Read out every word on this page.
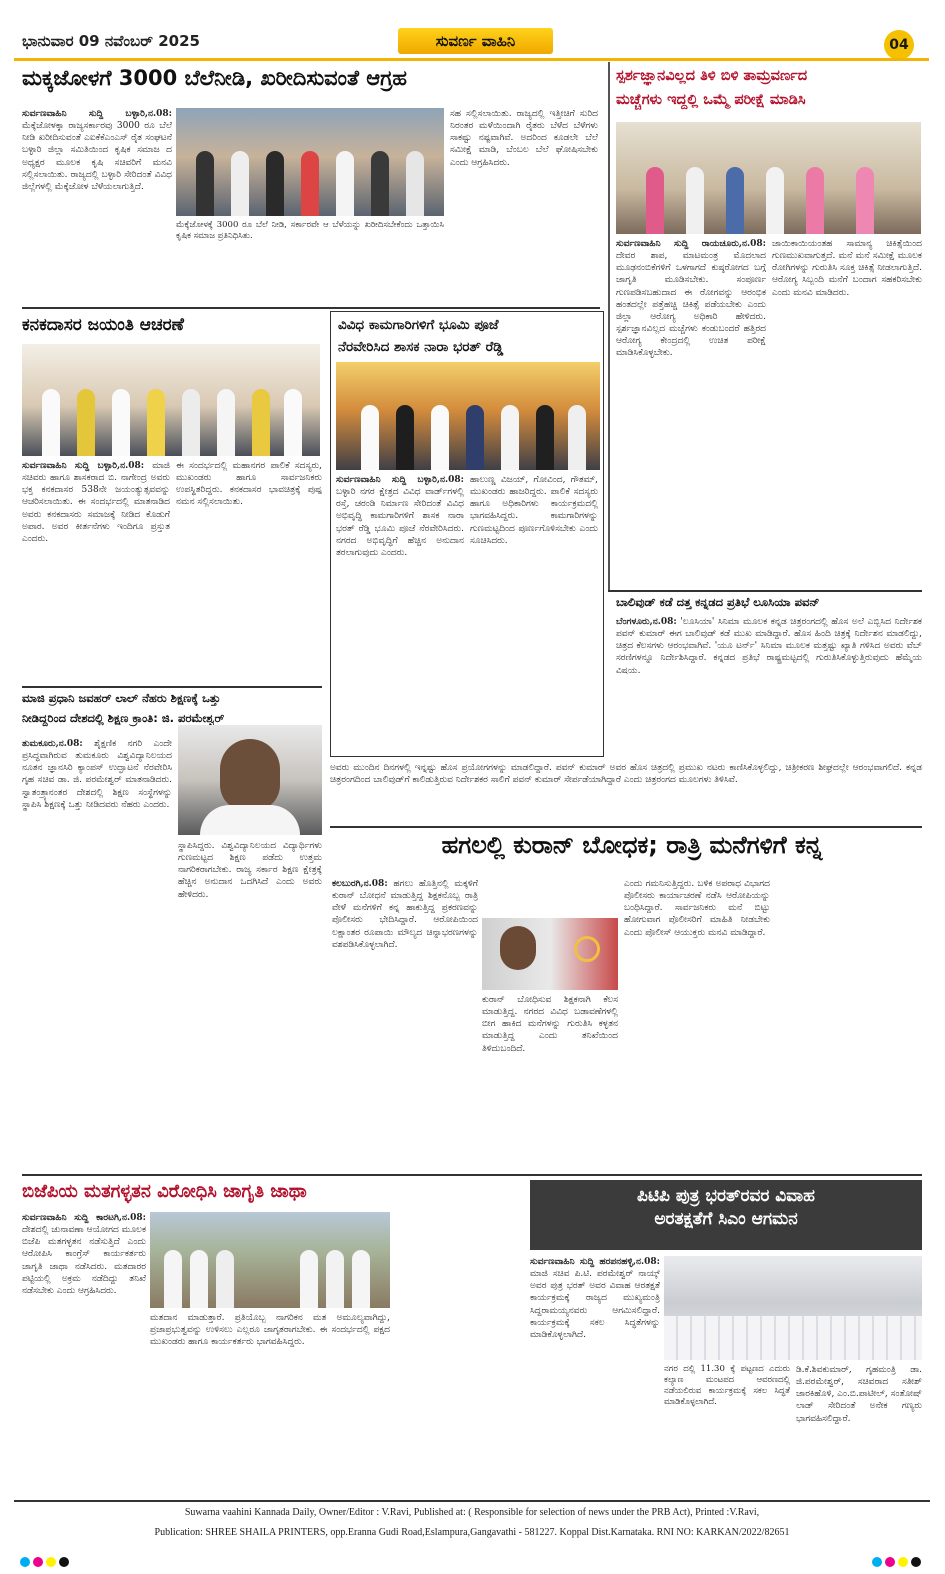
ಭಾನುವಾರ 09 ನವೆಂಬರ್ 2025	ಸುವರ್ಣ ವಾಹಿನಿ	04
ಮಕ್ಕಜೋಳಗೆ 3000 ಬೆಲೆನೀಡಿ, ಖರೀದಿಸುವಂತೆ ಆಗ್ರಹ
ಸುರ್ವಣವಾಹಿನಿ ಸುದ್ದಿ ಬಳ್ಳಾರಿ,ನ.08: ಮೆಕ್ಕೆಜೋಳಕ್ಕಾ ರಾಜ್ಯಸರ್ಕಾರವು 3000 ರೂ ಬೆಲೆ ನೀಡಿ ಖರೀದಿಸುವಂತೆ ಎಐಕೆಕೆಎಂಎಸ್ ರೈತ ಸಂಘಟನೆ ಬಳ್ಳಾರಿ ಜಿಲ್ಲಾ ಸಮಿತಿಯಿಂದ ಕೃಷಿಕ ಸಮಾಜ ದ ಅಧ್ಯಕ್ಷರ ಮೂಲಕ ಕೃಷಿ ಸಚಿವರಿಗೆ ಮನವಿ ಸಲ್ಲಿಸಲಾಯಿತು. ರಾಜ್ಯದಲ್ಲಿ ಬಳ್ಳಾರಿ ಸೇರಿದಂತೆ ವಿವಿಧ ಜಿಲ್ಲೆಗಳಲ್ಲಿ ಮೆಕ್ಕೆಜೋಳ ಬೆಳೆಯಲಾಗುತ್ತಿದೆ.
ಮೆಕ್ಕೆಜೋಳಕ್ಕೆ 3000 ರೂ ಬೆಲೆ ನೀಡಿ, ಸರ್ಕಾರವೇ ಆ ಬೆಳೆಯನ್ನು ಖರೀದಿಸಬೇಕೆಂದು ಒತ್ತಾಯಿಸಿ ಕೃಷಿಕ ಸಮಾಜ ಪ್ರತಿನಿಧಿಸಿತು.
ಸಹ ಸಲ್ಲಿಸಲಾಯಿತು. ರಾಜ್ಯದಲ್ಲಿ ಇತ್ತೀಚಿಗೆ ಸುರಿದ ನಿರಂತರ ಮಳೆಯಿಂದಾಗಿ ರೈತರು ಬೆಳೆದ ಬೆಳೆಗಳು ಸಾಕಷ್ಟು ನಷ್ಟವಾಗಿವೆ. ಅದರಿಂದ ಕೂಡಲೇ ಬೆಲೆ ಸಮೀಕ್ಷೆ ಮಾಡಿ, ಬೆಂಬಲ ಬೆಲೆ ಘೋಷಿಸಬೇಕು ಎಂದು ಆಗ್ರಹಿಸಿದರು.
ಸ್ಪರ್ಶಜ್ಞಾನವಿಲ್ಲದ ತಿಳಿ ಬಿಳಿ ತಾಮ್ರವರ್ಣದ
ಮಚ್ಚೆಗಳು ಇದ್ದಲ್ಲಿ ಒಮ್ಮೆ ಪರೀಕ್ಷೆ ಮಾಡಿಸಿ
ಸುರ್ವಣವಾಹಿನಿ ಸುದ್ದಿ ರಾಯಚೂರು,ನ.08: ದೇವರ ಶಾಪ, ಮಾಟಮಂತ್ರ ಮೊದಲಾದ ಮೂಢನಂಬಿಕೆಗಳಿಗೆ ಒಳಗಾಗದೆ ಕುಷ್ಠರೋಗದ ಬಗ್ಗೆ ಜಾಗೃತಿ ಮೂಡಿಸಬೇಕು. ಸಂಪೂರ್ಣ ಗುಣಪಡಿಸಬಹುದಾದ ಈ ರೋಗವನ್ನು ಆರಂಭಿಕ ಹಂತದಲ್ಲೇ ಪತ್ತೆಹಚ್ಚಿ ಚಿಕಿತ್ಸೆ ಪಡೆಯಬೇಕು ಎಂದು ಜಿಲ್ಲಾ ಆರೋಗ್ಯ ಅಧಿಕಾರಿ ಹೇಳಿದರು. ಸ್ಪರ್ಶಜ್ಞಾನವಿಲ್ಲದ ಮಚ್ಚೆಗಳು ಕಂಡುಬಂದರೆ ಹತ್ತಿರದ ಆರೋಗ್ಯ ಕೇಂದ್ರದಲ್ಲಿ ಉಚಿತ ಪರೀಕ್ಷೆ ಮಾಡಿಸಿಕೊಳ್ಳಬೇಕು.
ಜಾಯಿಕಾಯಿಯಂತಹ ಸಾಮಾನ್ಯ ಚಿಕಿತ್ಸೆಯಿಂದ ಗುಣಮುಖವಾಗುತ್ತದೆ. ಮನೆ ಮನೆ ಸಮೀಕ್ಷೆ ಮೂಲಕ ರೋಗಿಗಳನ್ನು ಗುರುತಿಸಿ ಸೂಕ್ತ ಚಿಕಿತ್ಸೆ ನೀಡಲಾಗುತ್ತಿದೆ. ಆರೋಗ್ಯ ಸಿಬ್ಬಂದಿ ಮನೆಗೆ ಬಂದಾಗ ಸಹಕರಿಸಬೇಕು ಎಂದು ಮನವಿ ಮಾಡಿದರು.
ಕನಕದಾಸರ ಜಯಂತಿ ಆಚರಣೆ
ಸುರ್ವಣವಾಹಿನಿ ಸುದ್ದಿ ಬಳ್ಳಾರಿ,ನ.08: ಮಾಜಿ ಸಚಿವರು ಹಾಗೂ ಶಾಸಕರಾದ ಬಿ. ನಾಗೇಂದ್ರ ಅವರು ಭಕ್ತ ಕನಕದಾಸರ 538ನೇ ಜಯಂತ್ಯುತ್ಸವವನ್ನು ಆಚರಿಸಲಾಯಿತು. ಈ ಸಂದರ್ಭದಲ್ಲಿ ಮಾತನಾಡಿದ ಅವರು ಕನಕದಾಸರು ಸಮಾಜಕ್ಕೆ ನೀಡಿದ ಕೊಡುಗೆ ಅಪಾರ. ಅವರ ಕೀರ್ತನೆಗಳು ಇಂದಿಗೂ ಪ್ರಸ್ತುತ ಎಂದರು.
ಈ ಸಂದರ್ಭದಲ್ಲಿ ಮಹಾನಗರ ಪಾಲಿಕೆ ಸದಸ್ಯರು, ಮುಖಂಡರು ಹಾಗೂ ಸಾರ್ವಜನಿಕರು ಉಪಸ್ಥಿತರಿದ್ದರು. ಕನಕದಾಸರ ಭಾವಚಿತ್ರಕ್ಕೆ ಪುಷ್ಪ ನಮನ ಸಲ್ಲಿಸಲಾಯಿತು.
ವಿವಿಧ ಕಾಮಗಾರಿಗಳಿಗೆ ಭೂಮಿ ಪೂಜೆ
ನೆರವೇರಿಸಿದ ಶಾಸಕ ನಾರಾ ಭರತ್ ರೆಡ್ಡಿ
ಸುರ್ವಣವಾಹಿನಿ ಸುದ್ದಿ ಬಳ್ಳಾರಿ,ನ.08: ಬಳ್ಳಾರಿ ನಗರ ಕ್ಷೇತ್ರದ ವಿವಿಧ ವಾರ್ಡ್‌ಗಳಲ್ಲಿ ರಸ್ತೆ, ಚರಂಡಿ ನಿರ್ಮಾಣ ಸೇರಿದಂತೆ ವಿವಿಧ ಅಭಿವೃದ್ಧಿ ಕಾಮಗಾರಿಗಳಿಗೆ ಶಾಸಕ ನಾರಾ ಭರತ್ ರೆಡ್ಡಿ ಭೂಮಿ ಪೂಜೆ ನೆರವೇರಿಸಿದರು. ನಗರದ ಅಭಿವೃದ್ಧಿಗೆ ಹೆಚ್ಚಿನ ಅನುದಾನ ತರಲಾಗುವುದು ಎಂದರು.
ಹಾಲುಣ್ಣ ವಿಜಯ್, ಗೋವಿಂದ, ಗೌತಮ್, ಮುಖಂಡರು ಹಾಜರಿದ್ದರು. ಪಾಲಿಕೆ ಸದಸ್ಯರು ಹಾಗೂ ಅಧಿಕಾರಿಗಳು ಕಾರ್ಯಕ್ರಮದಲ್ಲಿ ಭಾಗವಹಿಸಿದ್ದರು. ಕಾಮಗಾರಿಗಳನ್ನು ಗುಣಮಟ್ಟದಿಂದ ಪೂರ್ಣಗೊಳಿಸಬೇಕು ಎಂದು ಸೂಚಿಸಿದರು.
ಮಾಜಿ ಪ್ರಧಾನಿ ಜವಹರ್ ಲಾಲ್ ನೆಹರು ಶಿಕ್ಷಣಕ್ಕೆ ಒತ್ತು
ನೀಡಿದ್ದರಿಂದ ದೇಶದಲ್ಲಿ ಶಿಕ್ಷಣ ಕ್ರಾಂತಿ: ಜಿ. ಪರಮೇಶ್ವರ್
ತುಮಕೂರು,ನ.08: ಶೈಕ್ಷಣಿಕ ನಗರಿ ಎಂದೇ ಪ್ರಸಿದ್ಧವಾಗಿರುವ ತುಮಕೂರು ವಿಶ್ವವಿದ್ಯಾನಿಲಯದ ನೂತನ ಜ್ಞಾನಸಿರಿ ಕ್ಯಾಂಪಸ್ ಉದ್ಘಾಟನೆ ನೆರವೇರಿಸಿ ಗೃಹ ಸಚಿವ ಡಾ. ಜಿ. ಪರಮೇಶ್ವರ್ ಮಾತನಾಡಿದರು. ಸ್ವಾತಂತ್ರ್ಯಾನಂತರ ದೇಶದಲ್ಲಿ ಶಿಕ್ಷಣ ಸಂಸ್ಥೆಗಳನ್ನು ಸ್ಥಾಪಿಸಿ ಶಿಕ್ಷಣಕ್ಕೆ ಒತ್ತು ನೀಡಿದವರು ನೆಹರು ಎಂದರು.
ಸ್ಥಾಪಿಸಿದ್ದರು. ವಿಶ್ವವಿದ್ಯಾನಿಲಯದ ವಿದ್ಯಾರ್ಥಿಗಳು ಗುಣಮಟ್ಟದ ಶಿಕ್ಷಣ ಪಡೆದು ಉತ್ತಮ ನಾಗರಿಕರಾಗಬೇಕು. ರಾಜ್ಯ ಸರ್ಕಾರ ಶಿಕ್ಷಣ ಕ್ಷೇತ್ರಕ್ಕೆ ಹೆಚ್ಚಿನ ಅನುದಾನ ಒದಗಿಸಿದೆ ಎಂದು ಅವರು ಹೇಳಿದರು.
ಬಾಲಿವುಡ್ ಕಡೆ ದತ್ತ ಕನ್ನಡದ ಪ್ರತಿಭೆ ಲೂಸಿಯಾ ಪವನ್
ಬೆಂಗಳೂರು,ನ.08: 'ಲೂಸಿಯಾ' ಸಿನಿಮಾ ಮೂಲಕ ಕನ್ನಡ ಚಿತ್ರರಂಗದಲ್ಲಿ ಹೊಸ ಅಲೆ ಎಬ್ಬಿಸಿದ ನಿರ್ದೇಶಕ ಪವನ್ ಕುಮಾರ್ ಈಗ ಬಾಲಿವುಡ್ ಕಡೆ ಮುಖ ಮಾಡಿದ್ದಾರೆ. ಹೊಸ ಹಿಂದಿ ಚಿತ್ರಕ್ಕೆ ನಿರ್ದೇಶನ ಮಾಡಲಿದ್ದು, ಚಿತ್ರದ ಕೆಲಸಗಳು ಆರಂಭವಾಗಿವೆ. 'ಯೂ ಟರ್ನ್' ಸಿನಿಮಾ ಮೂಲಕ ಮತ್ತಷ್ಟು ಖ್ಯಾತಿ ಗಳಿಸಿದ ಅವರು ವೆಬ್ ಸರಣಿಗಳನ್ನೂ ನಿರ್ದೇಶಿಸಿದ್ದಾರೆ. ಕನ್ನಡದ ಪ್ರತಿಭೆ ರಾಷ್ಟ್ರಮಟ್ಟದಲ್ಲಿ ಗುರುತಿಸಿಕೊಳ್ಳುತ್ತಿರುವುದು ಹೆಮ್ಮೆಯ ವಿಷಯ.
ಅವರು ಮುಂದಿನ ದಿನಗಳಲ್ಲಿ ಇನ್ನಷ್ಟು ಹೊಸ ಪ್ರಯೋಗಗಳನ್ನು ಮಾಡಲಿದ್ದಾರೆ. ಪವನ್ ಕುಮಾರ್ ಅವರ ಹೊಸ ಚಿತ್ರದಲ್ಲಿ ಪ್ರಮುಖ ನಟರು ಕಾಣಿಸಿಕೊಳ್ಳಲಿದ್ದು, ಚಿತ್ರೀಕರಣ ಶೀಘ್ರದಲ್ಲೇ ಆರಂಭವಾಗಲಿದೆ. ಕನ್ನಡ ಚಿತ್ರರಂಗದಿಂದ ಬಾಲಿವುಡ್‌ಗೆ ಕಾಲಿಡುತ್ತಿರುವ ನಿರ್ದೇಶಕರ ಸಾಲಿಗೆ ಪವನ್ ಕುಮಾರ್ ಸೇರ್ಪಡೆಯಾಗಿದ್ದಾರೆ ಎಂದು ಚಿತ್ರರಂಗದ ಮೂಲಗಳು ತಿಳಿಸಿವೆ.
ಹಗಲಲ್ಲಿ ಕುರಾನ್ ಬೋಧಕ; ರಾತ್ರಿ ಮನೆಗಳಿಗೆ ಕನ್ನ
ಕಲಬುರಗಿ,ನ.08: ಹಗಲು ಹೊತ್ತಿನಲ್ಲಿ ಮಕ್ಕಳಿಗೆ ಕುರಾನ್ ಬೋಧನೆ ಮಾಡುತ್ತಿದ್ದ ಶಿಕ್ಷಕನೊಬ್ಬ ರಾತ್ರಿ ವೇಳೆ ಮನೆಗಳಿಗೆ ಕನ್ನ ಹಾಕುತ್ತಿದ್ದ ಪ್ರಕರಣವನ್ನು ಪೊಲೀಸರು ಭೇದಿಸಿದ್ದಾರೆ. ಆರೋಪಿಯಿಂದ ಲಕ್ಷಾಂತರ ರೂಪಾಯಿ ಮೌಲ್ಯದ ಚಿನ್ನಾಭರಣಗಳನ್ನು ವಶಪಡಿಸಿಕೊಳ್ಳಲಾಗಿದೆ.
ಕುರಾನ್ ಬೋಧಿಸುವ ಶಿಕ್ಷಕನಾಗಿ ಕೆಲಸ ಮಾಡುತ್ತಿದ್ದ. ನಗರದ ವಿವಿಧ ಬಡಾವಣೆಗಳಲ್ಲಿ ಬೀಗ ಹಾಕಿದ ಮನೆಗಳನ್ನು ಗುರುತಿಸಿ ಕಳ್ಳತನ ಮಾಡುತ್ತಿದ್ದ ಎಂದು ತನಿಖೆಯಿಂದ ತಿಳಿದುಬಂದಿದೆ.
ಎಂದು ಗಮನಿಸುತ್ತಿದ್ದರು. ಬಳಿಕ ಅಪರಾಧ ವಿಭಾಗದ ಪೊಲೀಸರು ಕಾರ್ಯಾಚರಣೆ ನಡೆಸಿ ಆರೋಪಿಯನ್ನು ಬಂಧಿಸಿದ್ದಾರೆ. ಸಾರ್ವಜನಿಕರು ಮನೆ ಬಿಟ್ಟು ಹೋಗುವಾಗ ಪೊಲೀಸರಿಗೆ ಮಾಹಿತಿ ನೀಡಬೇಕು ಎಂದು ಪೊಲೀಸ್ ಆಯುಕ್ತರು ಮನವಿ ಮಾಡಿದ್ದಾರೆ.
ಬಿಜೆಪಿಯ ಮತಗಳ್ಳತನ ವಿರೋಧಿಸಿ ಜಾಗೃತಿ ಜಾಥಾ
ಸುರ್ವಣವಾಹಿನಿ ಸುದ್ದಿ ಕಾರಟಗಿ,ನ.08: ದೇಶದಲ್ಲಿ ಚುನಾವಣಾ ಆಯೋಗದ ಮೂಲಕ ಬಿಜೆಪಿ ಮತಗಳ್ಳತನ ನಡೆಸುತ್ತಿದೆ ಎಂದು ಆರೋಪಿಸಿ ಕಾಂಗ್ರೆಸ್ ಕಾರ್ಯಕರ್ತರು ಜಾಗೃತಿ ಜಾಥಾ ನಡೆಸಿದರು. ಮತದಾರರ ಪಟ್ಟಿಯಲ್ಲಿ ಅಕ್ರಮ ನಡೆದಿದ್ದು ತನಿಖೆ ನಡೆಸಬೇಕು ಎಂದು ಆಗ್ರಹಿಸಿದರು.
ಮತದಾನ ಮಾಡುತ್ತಾರೆ. ಪ್ರತಿಯೊಬ್ಬ ನಾಗರಿಕನ ಮತ ಅಮೂಲ್ಯವಾಗಿದ್ದು, ಪ್ರಜಾಪ್ರಭುತ್ವವನ್ನು ಉಳಿಸಲು ಎಲ್ಲರೂ ಜಾಗೃತರಾಗಬೇಕು. ಈ ಸಂದರ್ಭದಲ್ಲಿ ಪಕ್ಷದ ಮುಖಂಡರು ಹಾಗೂ ಕಾರ್ಯಕರ್ತರು ಭಾಗವಹಿಸಿದ್ದರು.
ಪಿಟಿಪಿ ಪುತ್ರ ಭರತ್‌ರವರ ವಿವಾಹ
ಅರತಕ್ಷತೆಗೆ ಸಿಎಂ ಆಗಮನ
ಸುರ್ವಣವಾಹಿನಿ ಸುದ್ದಿ ಹರಪನಹಳ್ಳಿ,ನ.08: ಮಾಜಿ ಸಚಿವ ಪಿ.ಟಿ. ಪರಮೇಶ್ವರ್ ನಾಯ್ಕ್ ಅವರ ಪುತ್ರ ಭರತ್ ಅವರ ವಿವಾಹ ಆರತಕ್ಷತೆ ಕಾರ್ಯಕ್ರಮಕ್ಕೆ ರಾಜ್ಯದ ಮುಖ್ಯಮಂತ್ರಿ ಸಿದ್ದರಾಮಯ್ಯನವರು ಆಗಮಿಸಲಿದ್ದಾರೆ. ಕಾರ್ಯಕ್ರಮಕ್ಕೆ ಸಕಲ ಸಿದ್ಧತೆಗಳನ್ನು ಮಾಡಿಕೊಳ್ಳಲಾಗಿದೆ.
ನಗರ ದಲ್ಲಿ 11.30 ಕ್ಕೆ ಪಟ್ಟಣದ ಎದುರು ಕಲ್ಯಾಣ ಮಂಟಪದ ಆವರಣದಲ್ಲಿ ನಡೆಯಲಿರುವ ಕಾರ್ಯಕ್ರಮಕ್ಕೆ ಸಕಲ ಸಿದ್ಧತೆ ಮಾಡಿಕೊಳ್ಳಲಾಗಿದೆ.
ಡಿ.ಕೆ.ಶಿವಕುಮಾರ್, ಗೃಹಮಂತ್ರಿ ಡಾ. ಜಿ.ಪರಮೇಶ್ವರ್, ಸಚಿವರಾದ ಸತೀಶ್ ಜಾರಕಿಹೊಳಿ, ಎಂ.ಬಿ.ಪಾಟೀಲ್, ಸಂತೋಷ್ ಲಾಡ್ ಸೇರಿದಂತೆ ಅನೇಕ ಗಣ್ಯರು ಭಾಗವಹಿಸಲಿದ್ದಾರೆ.
Suwarna vaahini Kannada Daily, Owner/Editor : V.Ravi, Published at: ( Responsible for selection of news under the PRB Act), Printed :V.Ravi,
Publication: SHREE SHAILA PRINTERS, opp.Eranna Gudi Road,Eslampura,Gangavathi - 581227. Koppal Dist.Karnataka. RNI NO: KARKAN/2022/82651
